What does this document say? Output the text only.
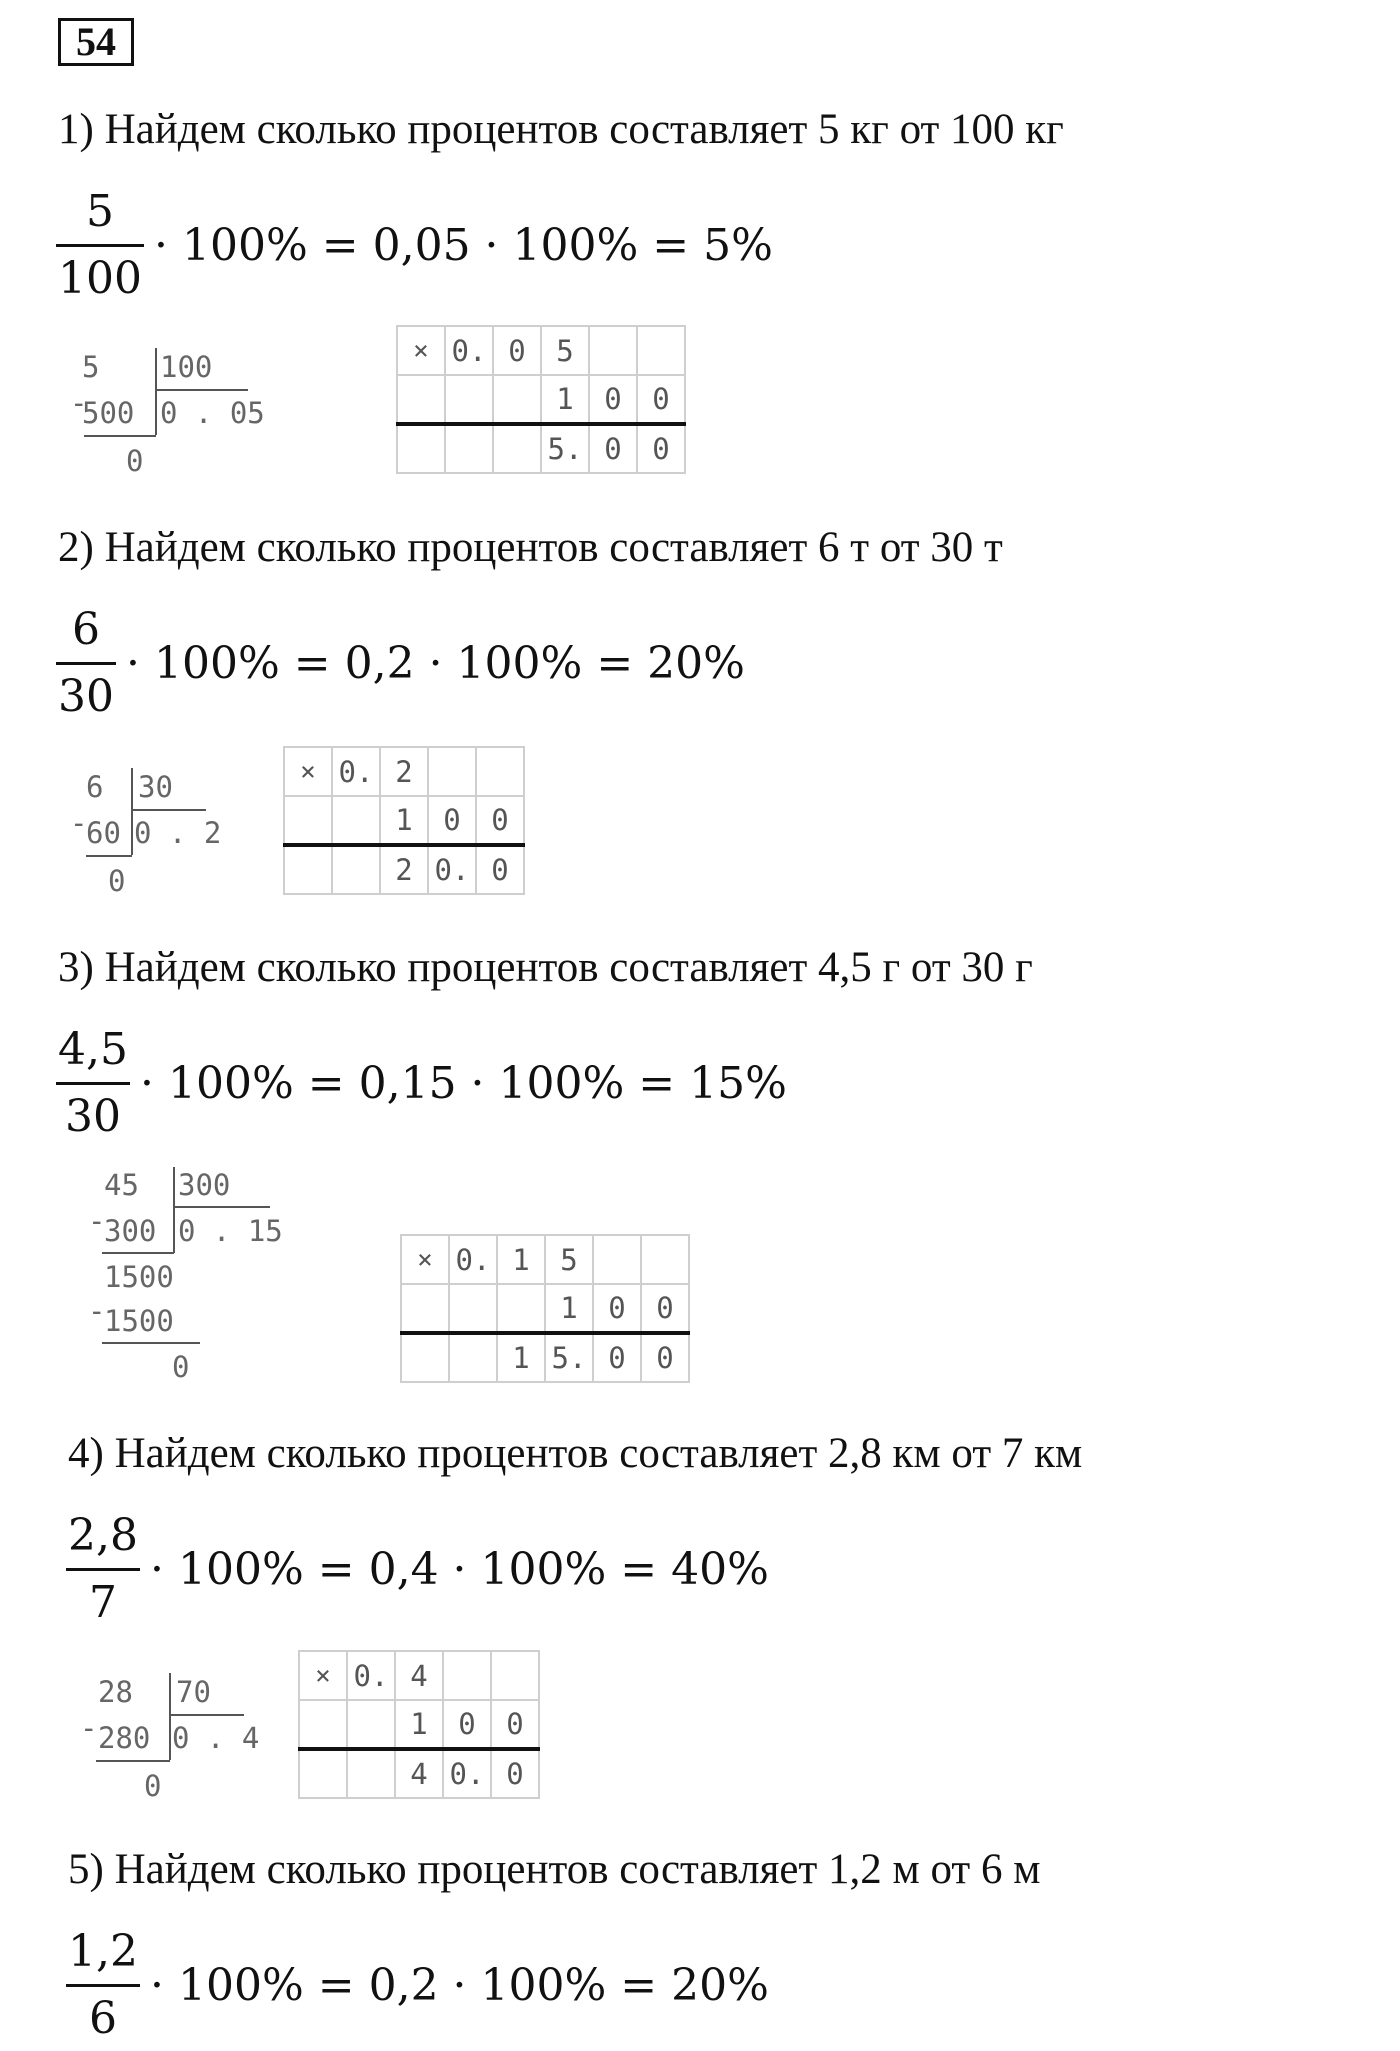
54
1) Найдем сколько процентов составляет 5 кг от 100 кг
$\frac{5}{100} \cdot 100\% = 0,05 \cdot 100\% = 5\%$
5 100
-
500 0 . 05
0
×	0.	0	5		
			1	0	0
			5.	0	0
2) Найдем сколько процентов составляет 6 т от 30 т
$\frac{6}{30} \cdot 100\% = 0,2 \cdot 100\% = 20\%$
6 30
-
60 0 . 2
0
×	0.	2		
		1	0	0
		2	0.	0
3) Найдем сколько процентов составляет 4,5 г от 30 г
$\frac{4,5}{30} \cdot 100\% = 0,15 \cdot 100\% = 15\%$
45 300
-
300 0 . 15
1500
-
1500
0
×	0.	1	5		
			1	0	0
		1	5.	0	0
4) Найдем сколько процентов составляет 2,8 км от 7 км
$\frac{2,8}{7} \cdot 100\% = 0,4 \cdot 100\% = 40\%$
28 70
- 280 0 . 4
0
×	0.	4		
		1	0	0
		4	0.	0
5) Найдем сколько процентов составляет 1,2 м от 6 м
$\frac{1,2}{6} \cdot 100\% = 0,2 \cdot 100\% = 20\%$
